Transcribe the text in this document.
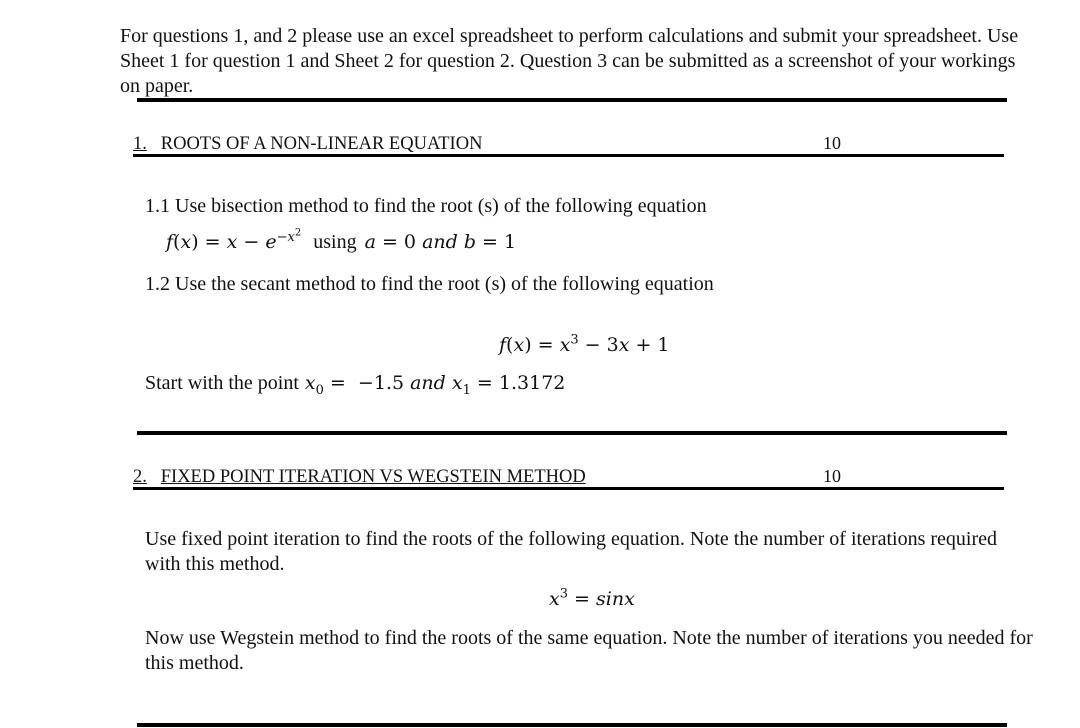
For questions 1, and 2 please use an excel spreadsheet to perform calculations and submit your spreadsheet. Use Sheet 1 for question 1 and Sheet 2 for question 2. Question 3 can be submitted as a screenshot of your workings on paper.
1. ROOTS OF A NON-LINEAR EQUATION	10
1.1 Use bisection method to find the root (s) of the following equation
$f(x) = x - e^{-x^2}$ using a = 0 and b = 1
1.2 Use the secant method to find the root (s) of the following equation
$f(x) = x^3 - 3x + 1$
Start with the point $x_0 = -1.5$ and $x_1 = 1.3172$
2. FIXED POINT ITERATION VS WEGSTEIN METHOD	10
Use fixed point iteration to find the roots of the following equation. Note the number of iterations required with this method.
$x^3 = \sin x$
Now use Wegstein method to find the roots of the same equation. Note the number of iterations you needed for this method.
